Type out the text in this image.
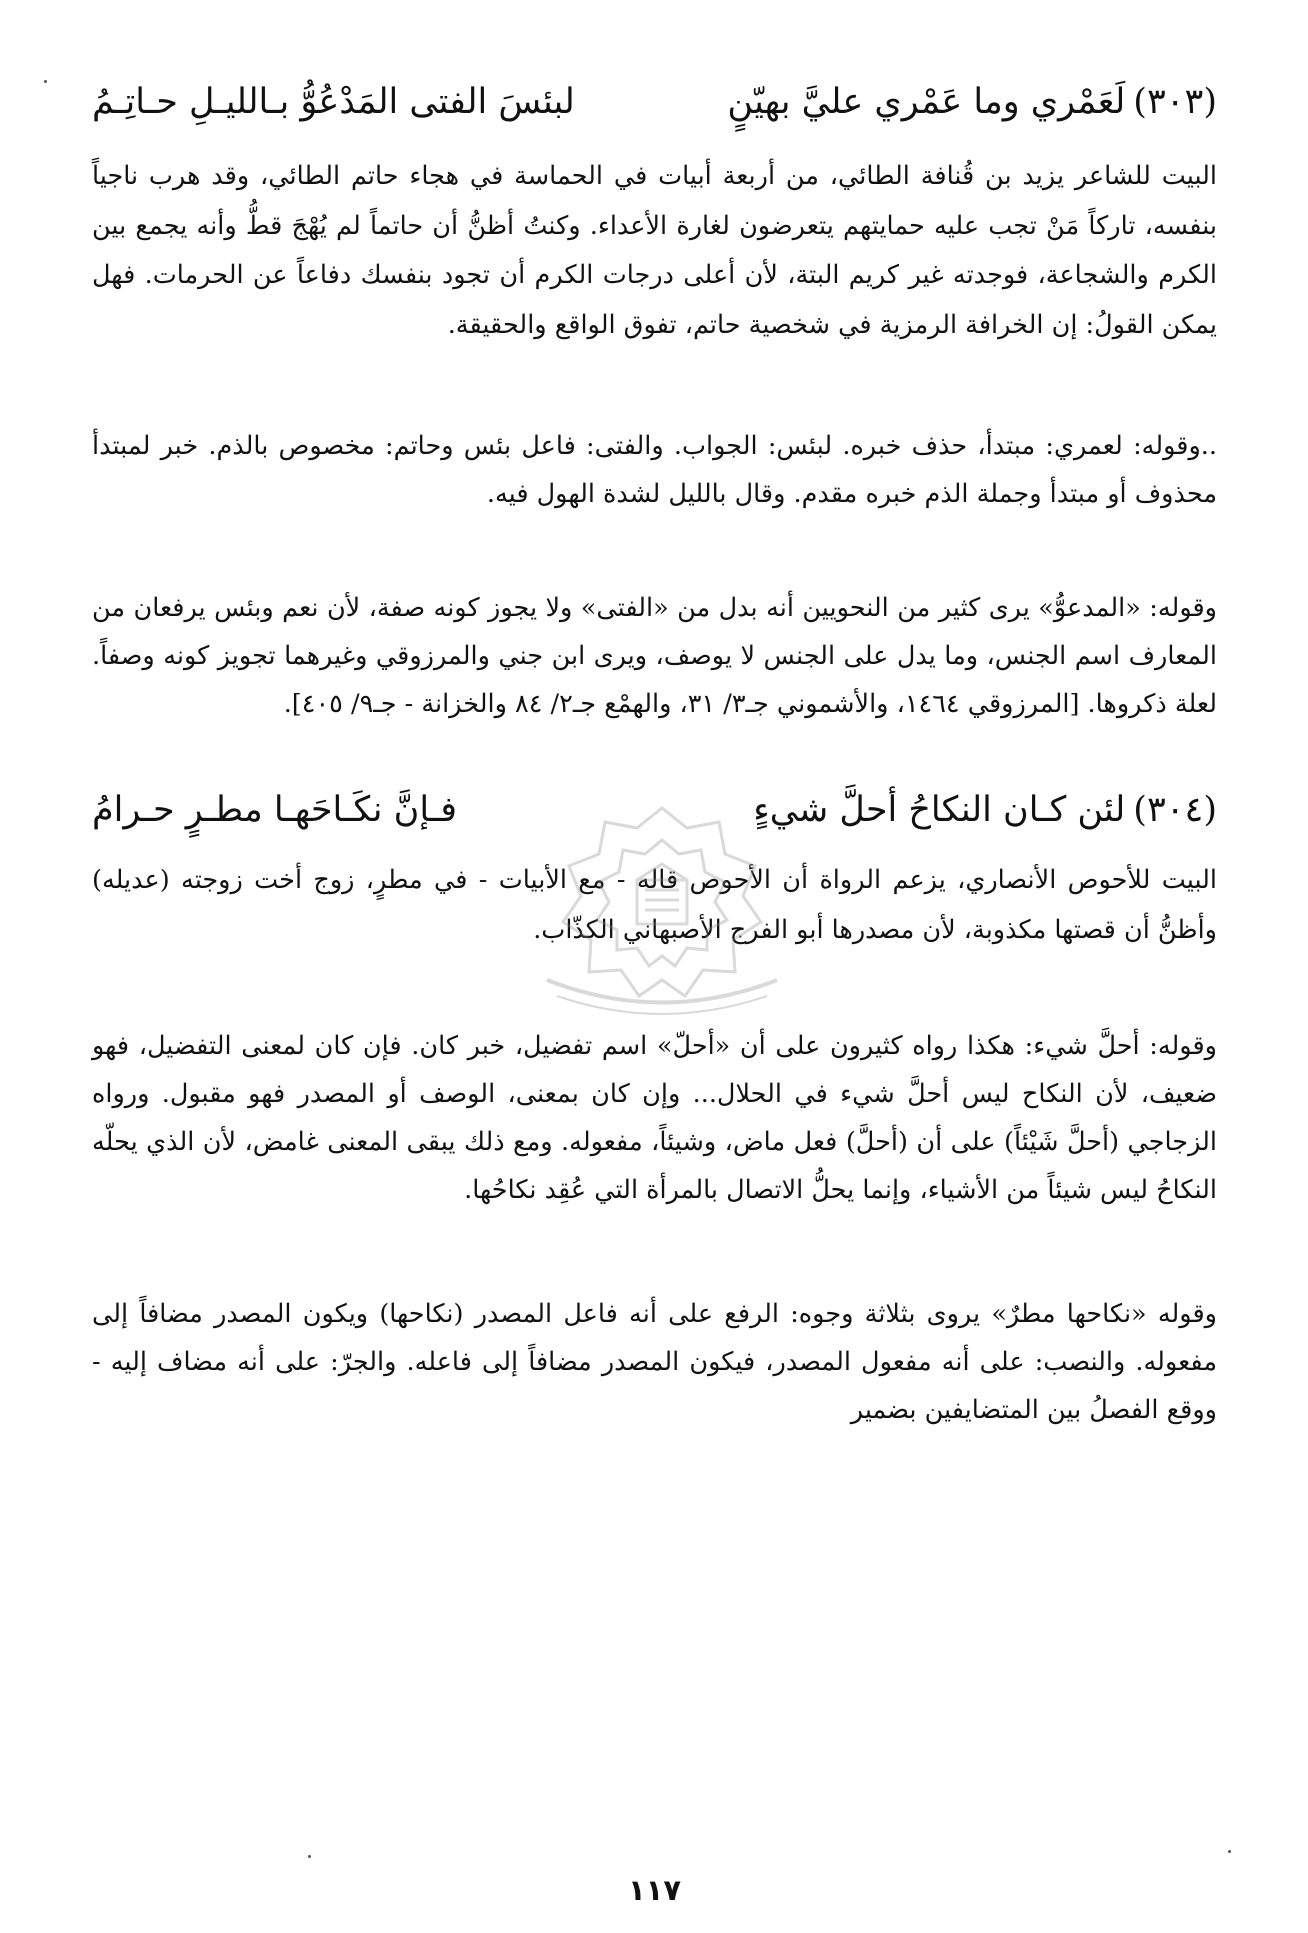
(٣٠٣)لَعَمْري وما عَمْري عليَّ بهيّنٍ
لبئسَ الفتى المَدْعُوُّ بـالليـلِ حـاتِـمُ

البيت للشاعر يزيد بن قُنافة الطائي، من أربعة أبيات في الحماسة في هجاء حاتم الطائي، وقد هرب ناجياً بنفسه، تاركاً مَنْ تجب عليه حمايتهم يتعرضون لغارة الأعداء. وكنتُ أظنُّ أن حاتماً لم يُهْجَ قطُّ وأنه يجمع بين الكرم والشجاعة، فوجدته غير كريم البتة، لأن أعلى درجات الكرم أن تجود بنفسك دفاعاً عن الحرمات. فهل يمكن القولُ: إن الخرافة الرمزية في شخصية حاتم، تفوق الواقع والحقيقة.

..وقوله: لعمري: مبتدأ، حذف خبره. لبئس: الجواب. والفتى: فاعل بئس وحاتم: مخصوص بالذم. خبر لمبتدأ محذوف أو مبتدأ وجملة الذم خبره مقدم. وقال بالليل لشدة الهول فيه.

وقوله: «المدعوُّ» يرى كثير من النحويين أنه بدل من «الفتى» ولا يجوز كونه صفة، لأن نعم وبئس يرفعان من المعارف اسم الجنس، وما يدل على الجنس لا يوصف، ويرى ابن جني والمرزوقي وغيرهما تجويز كونه وصفاً. لعلة ذكروها. [المرزوقي ١٤٦٤، والأشموني جـ٣/ ٣١، والهمْع جـ٢/ ٨٤ والخزانة - جـ٩/ ٤٠٥].

(٣٠٤)لئن كـان النكاحُ أحلَّ شيءٍ
فـإنَّ نكَـاحَهـا مطـرٍ حـرامُ

البيت للأحوص الأنصاري، يزعم الرواة أن الأحوص قاله - مع الأبيات - في مطرٍ، زوج أخت زوجته (عديله) وأظنُّ أن قصتها مكذوبة، لأن مصدرها أبو الفرج الأصبهاني الكذّاب.

وقوله: أحلَّ شيء: هكذا رواه كثيرون على أن «أحلّ» اسم تفضيل، خبر كان. فإن كان لمعنى التفضيل، فهو ضعيف، لأن النكاح ليس أحلَّ شيء في الحلال... وإن كان بمعنى، الوصف أو المصدر فهو مقبول. ورواه الزجاجي (أحلَّ شَيْئاً) على أن (أحلَّ) فعل ماض، وشيئاً، مفعوله. ومع ذلك يبقى المعنى غامض، لأن الذي يحلّه النكاحُ ليس شيئاً من الأشياء، وإنما يحلُّ الاتصال بالمرأة التي عُقِد نكاحُها.

وقوله «نكاحها مطرٌ» يروى بثلاثة وجوه: الرفع على أنه فاعل المصدر (نكاحها) ويكون المصدر مضافاً إلى مفعوله. والنصب: على أنه مفعول المصدر، فيكون المصدر مضافاً إلى فاعله. والجرّ: على أنه مضاف إليه - ووقع الفصلُ بين المتضايفين بضمير

١١٧
